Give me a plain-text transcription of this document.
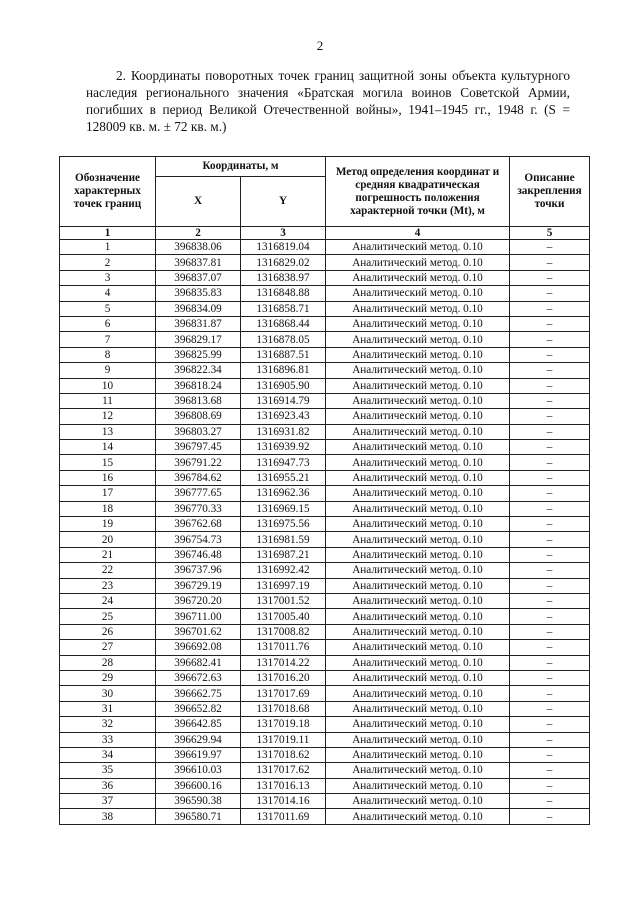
2

2. Координаты поворотных точек границ защитной зоны объекта культурного наследия регионального значения «Братская могила воинов Советской Армии, погибших в период Великой Отечественной войны», 1941–1945 гг., 1948 г. (S = 128009 кв. м. ± 72 кв. м.)

Обозначение характерных точек границ	Координаты, м		Метод определения координат и средняя квадратическая погрешность положения характерной точки (Mt), м	Описание закрепления точки
	X	Y		
1	2	3	4	5
1	396838.06	1316819.04	Аналитический метод. 0.10	–
2	396837.81	1316829.02	Аналитический метод. 0.10	–
3	396837.07	1316838.97	Аналитический метод. 0.10	–
4	396835.83	1316848.88	Аналитический метод. 0.10	–
5	396834.09	1316858.71	Аналитический метод. 0.10	–
6	396831.87	1316868.44	Аналитический метод. 0.10	–
7	396829.17	1316878.05	Аналитический метод. 0.10	–
8	396825.99	1316887.51	Аналитический метод. 0.10	–
9	396822.34	1316896.81	Аналитический метод. 0.10	–
10	396818.24	1316905.90	Аналитический метод. 0.10	–
11	396813.68	1316914.79	Аналитический метод. 0.10	–
12	396808.69	1316923.43	Аналитический метод. 0.10	–
13	396803.27	1316931.82	Аналитический метод. 0.10	–
14	396797.45	1316939.92	Аналитический метод. 0.10	–
15	396791.22	1316947.73	Аналитический метод. 0.10	–
16	396784.62	1316955.21	Аналитический метод. 0.10	–
17	396777.65	1316962.36	Аналитический метод. 0.10	–
18	396770.33	1316969.15	Аналитический метод. 0.10	–
19	396762.68	1316975.56	Аналитический метод. 0.10	–
20	396754.73	1316981.59	Аналитический метод. 0.10	–
21	396746.48	1316987.21	Аналитический метод. 0.10	–
22	396737.96	1316992.42	Аналитический метод. 0.10	–
23	396729.19	1316997.19	Аналитический метод. 0.10	–
24	396720.20	1317001.52	Аналитический метод. 0.10	–
25	396711.00	1317005.40	Аналитический метод. 0.10	–
26	396701.62	1317008.82	Аналитический метод. 0.10	–
27	396692.08	1317011.76	Аналитический метод. 0.10	–
28	396682.41	1317014.22	Аналитический метод. 0.10	–
29	396672.63	1317016.20	Аналитический метод. 0.10	–
30	396662.75	1317017.69	Аналитический метод. 0.10	–
31	396652.82	1317018.68	Аналитический метод. 0.10	–
32	396642.85	1317019.18	Аналитический метод. 0.10	–
33	396629.94	1317019.11	Аналитический метод. 0.10	–
34	396619.97	1317018.62	Аналитический метод. 0.10	–
35	396610.03	1317017.62	Аналитический метод. 0.10	–
36	396600.16	1317016.13	Аналитический метод. 0.10	–
37	396590.38	1317014.16	Аналитический метод. 0.10	–
38	396580.71	1317011.69	Аналитический метод. 0.10	–
